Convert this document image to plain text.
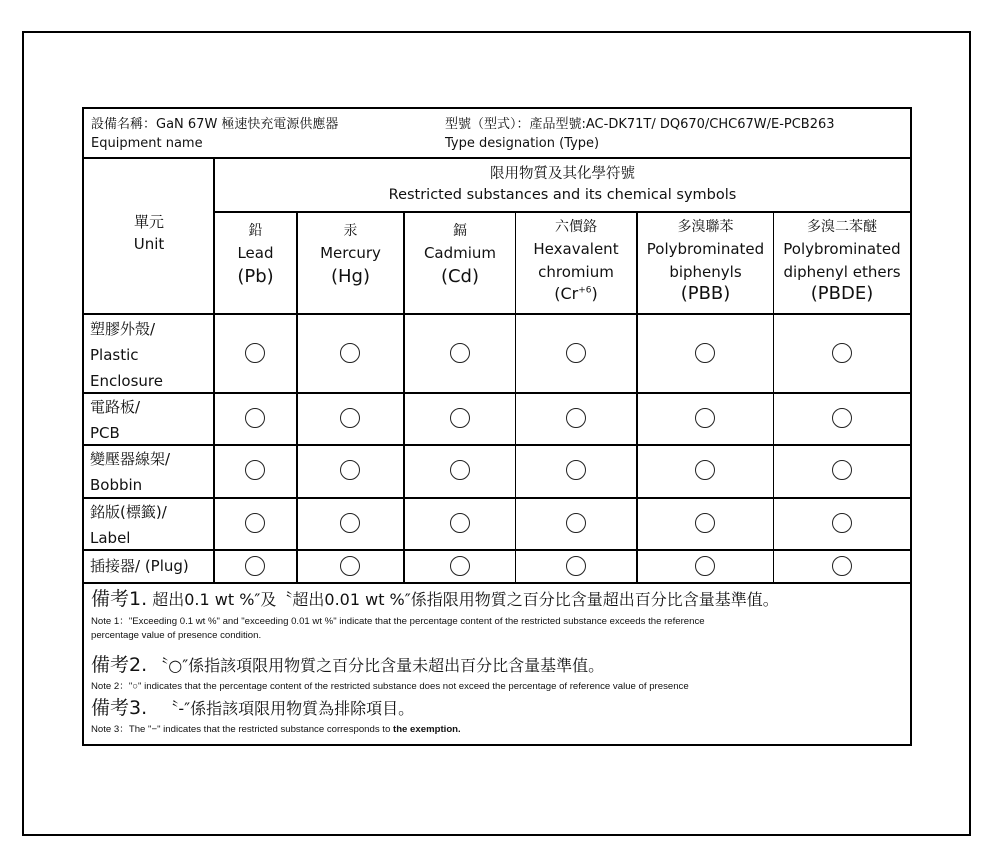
設備名稱：GaN 67W 極速快充電源供應器
Equipment name
型號（型式）：產品型號:AC-DK71T/ DQ670/CHC67W/E-PCB263
Type designation (Type)
單元
Unit
限用物質及其化學符號
Restricted substances and its chemical symbols
鉛
Lead
(Pb)
汞
Mercury
(Hg)
鎘
Cadmium
(Cd)
六價鉻
Hexavalent
chromium
$(Cr^{+6})$
多溴聯苯
Polybrominated
biphenyls
(PBB)
多溴二苯醚
Polybrominated
diphenyl ethers
(PBDE)
塑膠外殼/
Plastic
Enclosure
電路板/
PCB
變壓器線架/
Bobbin
銘版(標籤)/
Label
插接器/ (Plug)
備考1. 超出0.1 wt %″及〝超出0.01 wt %″係指限用物質之百分比含量超出百分比含量基準值。
Note 1："Exceeding 0.1 wt %" and "exceeding 0.01 wt %" indicate that the percentage content of the restricted substance exceeds the reference
percentage value of presence condition.
備考2. 〝○″係指該項限用物質之百分比含量未超出百分比含量基準值。
Note 2："○" indicates that the percentage content of the restricted substance does not exceed the percentage of reference value of presence
備考3. 〝-″係指該項限用物質為排除項目。
Note 3：The "−" indicates that the restricted substance corresponds to the exemption.
